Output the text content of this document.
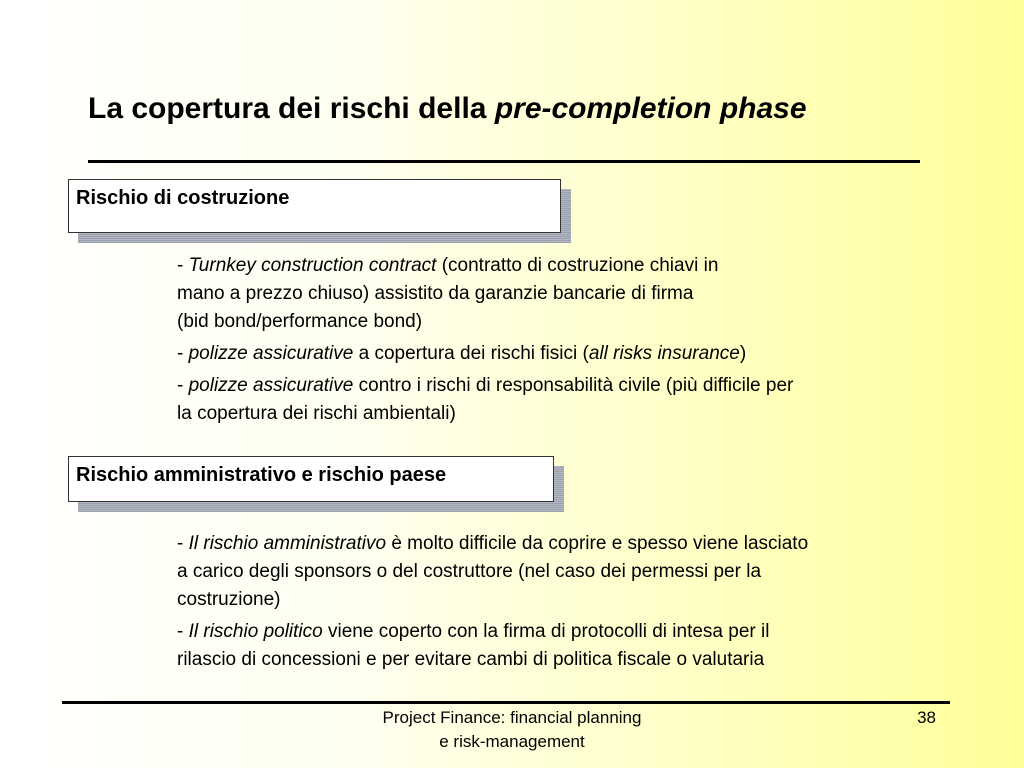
La copertura dei rischi della pre-completion phase
Rischio di costruzione

- Turnkey construction contract (contratto di costruzione chiavi in
mano a prezzo chiuso) assistito da garanzie bancarie di firma
(bid bond/performance bond)

- polizze assicurative a copertura dei rischi fisici (all risks insurance)

- polizze assicurative contro i rischi di responsabilità civile (più difficile per
la copertura dei rischi ambientali)

Rischio amministrativo e rischio paese

- Il rischio amministrativo è molto difficile da coprire e spesso viene lasciato
a carico degli sponsors o del costruttore (nel caso dei permessi per la
costruzione)

- Il rischio politico viene coperto con la firma di protocolli di intesa per il
rilascio di concessioni e per evitare cambi di politica fiscale o valutaria

Project Finance: financial planning
e risk-management
38
